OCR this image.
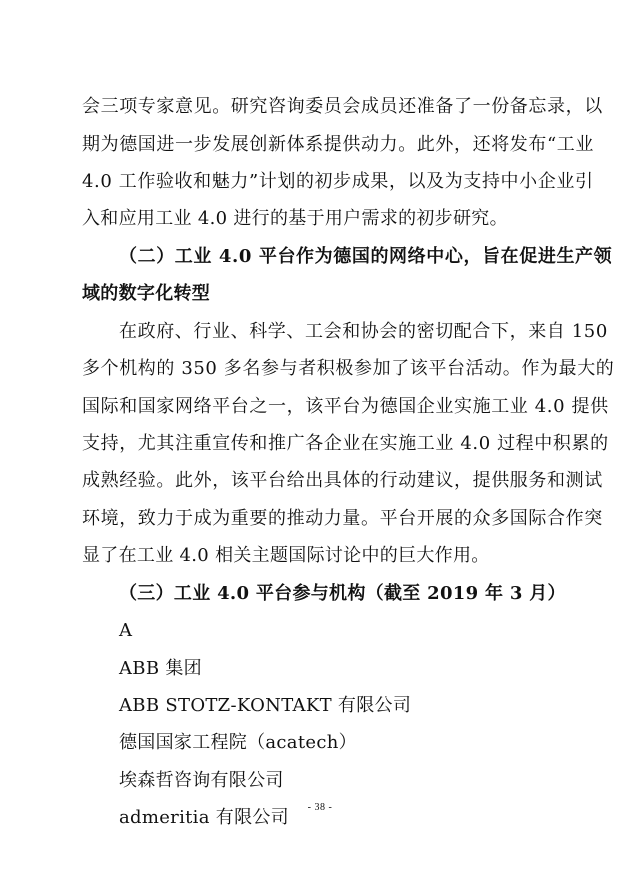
会三项专家意见。研究咨询委员会成员还准备了一份备忘录，以
期为德国进一步发展创新体系提供动力。此外，还将发布“工业
4.0 工作验收和魅力”计划的初步成果，以及为支持中小企业引
入和应用工业 4.0 进行的基于用户需求的初步研究。
（二）工业 4.0 平台作为德国的网络中心，旨在促进生产领
域的数字化转型
在政府、行业、科学、工会和协会的密切配合下，来自 150
多个机构的 350 多名参与者积极参加了该平台活动。作为最大的
国际和国家网络平台之一，该平台为德国企业实施工业 4.0 提供
支持，尤其注重宣传和推广各企业在实施工业 4.0 过程中积累的
成熟经验。此外，该平台给出具体的行动建议，提供服务和测试
环境，致力于成为重要的推动力量。平台开展的众多国际合作突
显了在工业 4.0 相关主题国际讨论中的巨大作用。
（三）工业 4.0 平台参与机构（截至 2019 年 3 月）
A
ABB 集团
ABB STOTZ-KONTAKT 有限公司
德国国家工程院（acatech）
埃森哲咨询有限公司
admeritia 有限公司	- 38 -
